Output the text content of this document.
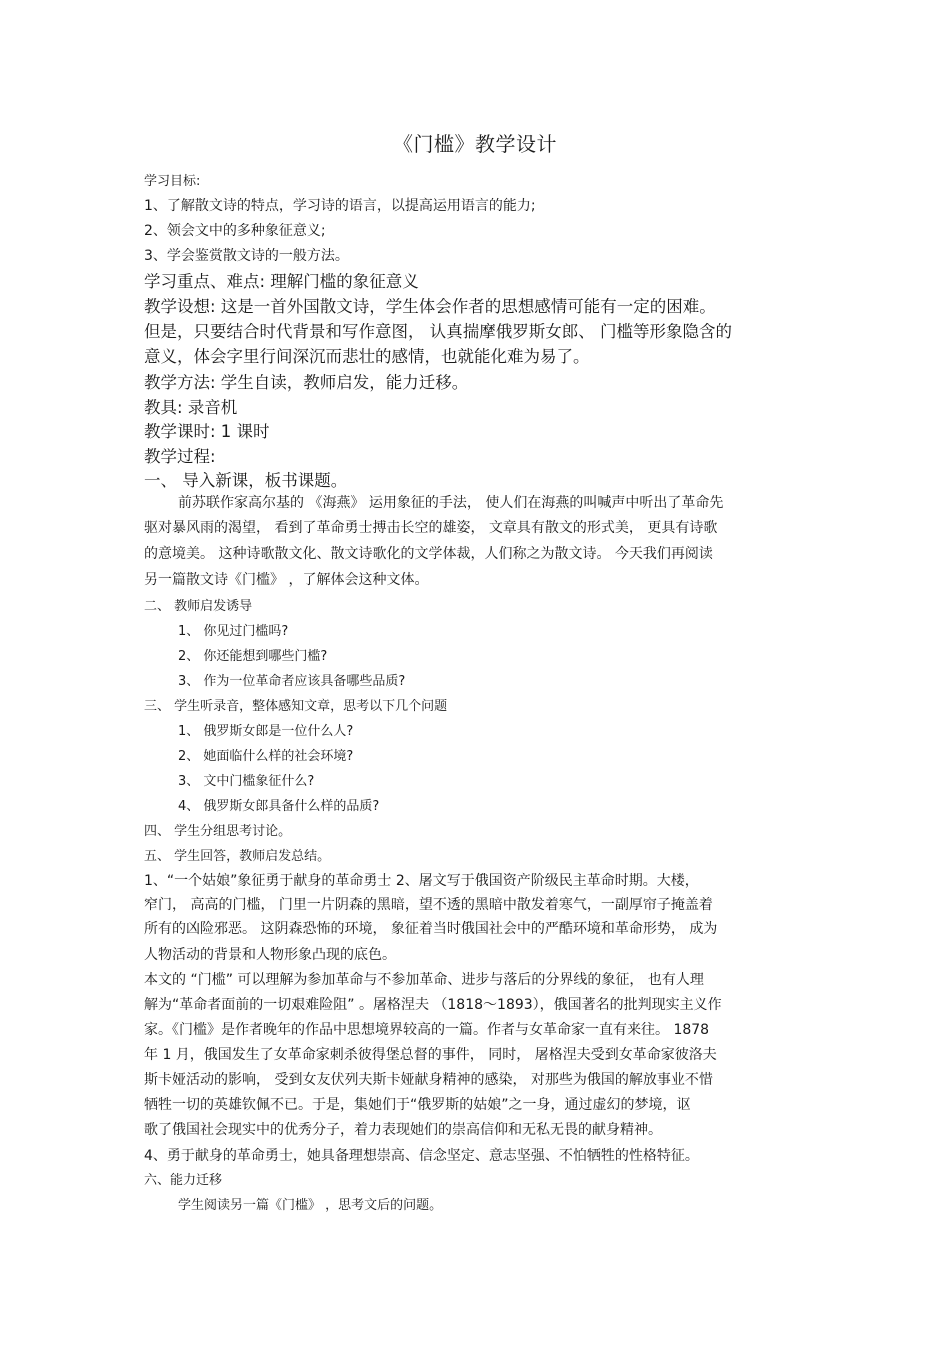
《门槛》教学设计
学习目标:
1、了解散文诗的特点，学习诗的语言，以提高运用语言的能力;
2、领会文中的多种象征意义;
3、学会鉴赏散文诗的一般方法。
学习重点、难点: 理解门槛的象征意义
教学设想: 这是一首外国散文诗，学生体会作者的思想感情可能有一定的困难。
但是，只要结合时代背景和写作意图， 认真揣摩俄罗斯女郎、 门槛等形象隐含的
意义，体会字里行间深沉而悲壮的感情，也就能化难为易了。
教学方法: 学生自读，教师启发，能力迁移。
教具: 录音机
教学课时: 1 课时
教学过程:
一、 导入新课，板书课题。
前苏联作家高尔基的 《海燕》 运用象征的手法， 使人们在海燕的叫喊声中听出了革命先
驱对暴风雨的渴望， 看到了革命勇士搏击长空的雄姿， 文章具有散文的形式美， 更具有诗歌
的意境美。 这种诗歌散文化、散文诗歌化的文学体裁，人们称之为散文诗。 今天我们再阅读
另一篇散文诗《门槛》 ，了解体会这种文体。
二、 教师启发诱导
1、 你见过门槛吗?
2、 你还能想到哪些门槛?
3、 作为一位革命者应该具备哪些品质?
三、 学生听录音，整体感知文章，思考以下几个问题
1、 俄罗斯女郎是一位什么人?
2、 她面临什么样的社会环境?
3、 文中门槛象征什么?
4、 俄罗斯女郎具备什么样的品质?
四、 学生分组思考讨论。
五、 学生回答，教师启发总结。
1、“一个姑娘”象征勇于献身的革命勇士 2、屠文写于俄国资产阶级民主革命时期。大楼，
窄门， 高高的门槛， 门里一片阴森的黑暗，望不透的黑暗中散发着寒气，一副厚帘子掩盖着
所有的凶险邪恶。 这阴森恐怖的环境， 象征着当时俄国社会中的严酷环境和革命形势， 成为
人物活动的背景和人物形象凸现的底色。
本文的 “门槛” 可以理解为参加革命与不参加革命、进步与落后的分界线的象征， 也有人理
解为“革命者面前的一切艰难险阻” 。屠格涅夫 （1818～1893），俄国著名的批判现实主义作
家。《门槛》是作者晚年的作品中思想境界较高的一篇。作者与女革命家一直有来往。 1878
年 1 月，俄国发生了女革命家刺杀彼得堡总督的事件， 同时， 屠格涅夫受到女革命家彼洛夫
斯卡娅活动的影响， 受到女友伏列夫斯卡娅献身精神的感染， 对那些为俄国的解放事业不惜
牺牲一切的英雄钦佩不已。于是，集她们于“俄罗斯的姑娘”之一身，通过虚幻的梦境，讴
歌了俄国社会现实中的优秀分子，着力表现她们的崇高信仰和无私无畏的献身精神。
4、勇于献身的革命勇士，她具备理想崇高、信念坚定、意志坚强、不怕牺牲的性格特征。
六、能力迁移
学生阅读另一篇《门槛》 ，思考文后的问题。
